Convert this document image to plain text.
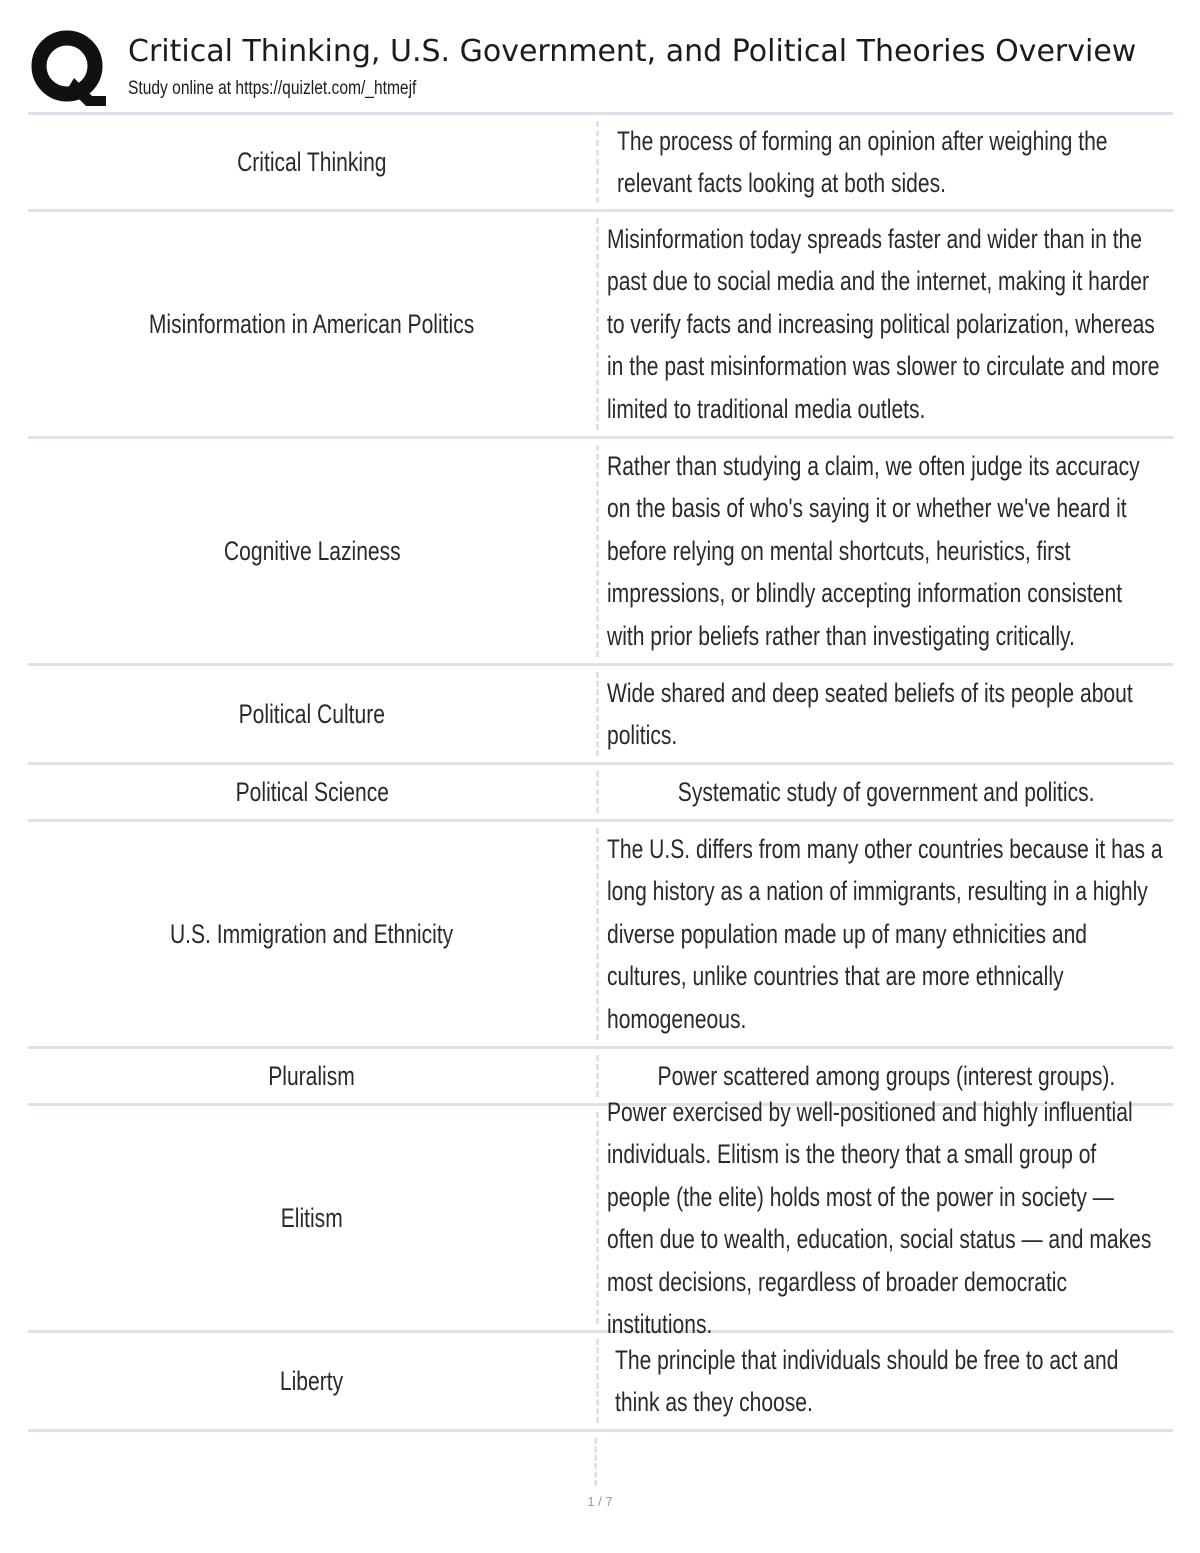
Critical Thinking, U.S. Government, and Political Theories Overview
Study online at https://quizlet.com/_htmejf
Critical Thinking
The process of forming an opinion after weighing the relevant facts looking at both sides.
Misinformation in American Politics
Misinformation today spreads faster and wider than in the past due to social media and the internet, making it harder to verify facts and increasing political polarization, whereas in the past misinformation was slower to circulate and more limited to traditional media outlets.
Cognitive Laziness
Rather than studying a claim, we often judge its accuracy on the basis of who's saying it or whether we've heard it before relying on mental shortcuts, heuristics, first impressions, or blindly accepting information consistent with prior beliefs rather than investigating critically.
Political Culture
Wide shared and deep seated beliefs of its people about politics.
Political Science	Systematic study of government and politics.
U.S. Immigration and Ethnicity
The U.S. differs from many other countries because it has a long history as a nation of immigrants, resulting in a highly diverse population made up of many ethnicities and cultures, unlike countries that are more ethnically homogeneous.
Pluralism	Power scattered among groups (interest groups).
Elitism
Power exercised by well-positioned and highly influential individuals. Elitism is the theory that a small group of people (the elite) holds most of the power in society — often due to wealth, education, social status — and makes most decisions, regardless of broader democratic institutions.
Liberty
The principle that individuals should be free to act and think as they choose.
1 / 7
